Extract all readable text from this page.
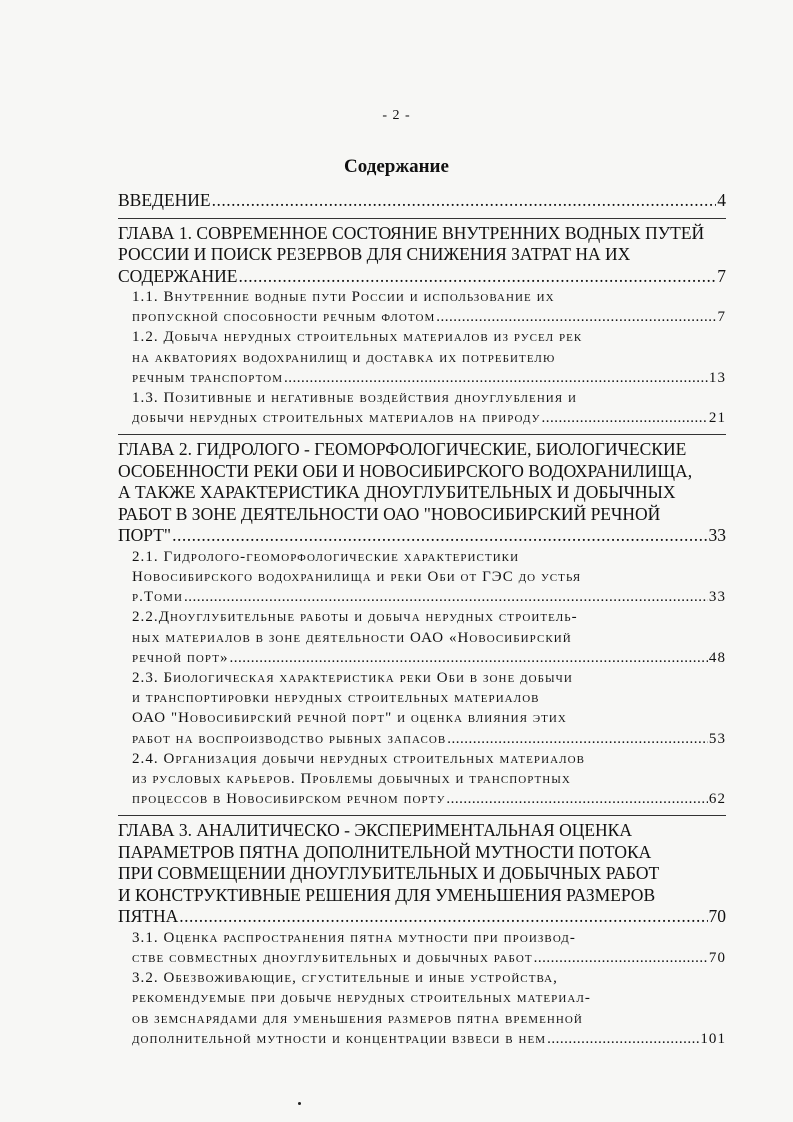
- 2 -
Содержание
ВВЕДЕНИЕ .....	4
ГЛАВА 1. СОВРЕМЕННОЕ СОСТОЯНИЕ ВНУТРЕННИХ ВОДНЫХ ПУТЕЙ
РОССИИ И ПОИСК РЕЗЕРВОВ ДЛЯ СНИЖЕНИЯ ЗАТРАТ НА ИХ
СОДЕРЖАНИЕ .....	7
1.1. Внутренние водные пути России и использование их
пропускной способности речным флотом .....	7
1.2. Добыча нерудных строительных материалов из русел рек
на акваториях водохранилищ и доставка их потребителю
речным транспортом .....	13
1.3. Позитивные и негативные воздействия дноуглубления и
добычи нерудных строительных материалов на природу .....	21
ГЛАВА 2. ГИДРОЛОГО - ГЕОМОРФОЛОГИЧЕСКИЕ, БИОЛОГИЧЕСКИЕ
ОСОБЕННОСТИ РЕКИ ОБИ И НОВОСИБИРСКОГО ВОДОХРАНИЛИЩА,
А ТАКЖЕ ХАРАКТЕРИСТИКА ДНОУГЛУБИТЕЛЬНЫХ И ДОБЫЧНЫХ
РАБОТ В ЗОНЕ ДЕЯТЕЛЬНОСТИ ОАО "НОВОСИБИРСКИЙ РЕЧНОЙ
ПОРТ" .....	33
2.1. Гидролого-геоморфологические характеристики
Новосибирского водохранилища и реки Оби от ГЭС до устья
р.Томи .....	33
2.2.Дноуглубительные работы и добыча нерудных строитель-
ных материалов в зоне деятельности ОАО «Новосибирский
речной порт» .....	48
2.3. Биологическая характеристика реки Оби в зоне добычи
и транспортировки нерудных строительных материалов
ОАО "Новосибирский речной порт" и оценка влияния этих
работ на воспроизводство рыбных запасов .....	53
2.4. Организация добычи нерудных строительных материалов
из русловых карьеров. Проблемы добычных и транспортных
процессов в Новосибирском речном порту .....	62
ГЛАВА 3. АНАЛИТИЧЕСКО - ЭКСПЕРИМЕНТАЛЬНАЯ ОЦЕНКА
ПАРАМЕТРОВ ПЯТНА ДОПОЛНИТЕЛЬНОЙ МУТНОСТИ ПОТОКА
ПРИ СОВМЕЩЕНИИ ДНОУГЛУБИТЕЛЬНЫХ И ДОБЫЧНЫХ РАБОТ
И КОНСТРУКТИВНЫЕ РЕШЕНИЯ ДЛЯ УМЕНЬШЕНИЯ РАЗМЕРОВ
ПЯТНА .....	70
3.1. Оценка распространения пятна мутности при производ-
стве совместных дноуглубительных и добычных работ .....	70
3.2. Обезвоживающие, сгустительные и иные устройства,
рекомендуемые при добыче нерудных строительных материал-
ов земснарядами для уменьшения размеров пятна временной
дополнительной мутности и концентрации взвеси в нем .....	101
